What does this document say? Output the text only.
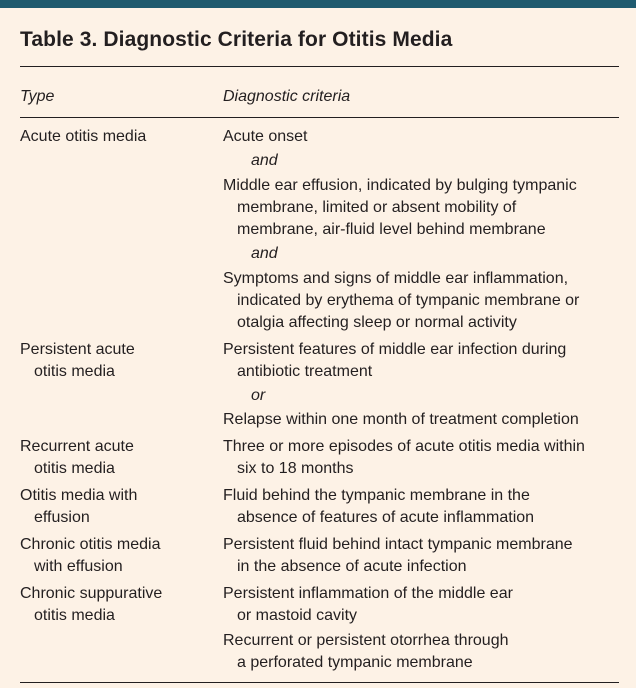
Table 3. Diagnostic Criteria for Otitis Media
Type	Diagnostic criteria
Acute otitis media	Acute onset
and
Middle ear effusion, indicated by bulging tympanic
membrane, limited or absent mobility of
membrane, air-fluid level behind membrane
and
Symptoms and signs of middle ear inflammation,
indicated by erythema of tympanic membrane or
otalgia affecting sleep or normal activity
Persistent acute
otitis media
Persistent features of middle ear infection during
antibiotic treatment
or
Relapse within one month of treatment completion
Recurrent acute
otitis media
Three or more episodes of acute otitis media within
six to 18 months
Otitis media with
effusion
Fluid behind the tympanic membrane in the
absence of features of acute inflammation
Chronic otitis media
with effusion
Persistent fluid behind intact tympanic membrane
in the absence of acute infection
Chronic suppurative
otitis media
Persistent inflammation of the middle ear
or mastoid cavity
Recurrent or persistent otorrhea through
a perforated tympanic membrane
